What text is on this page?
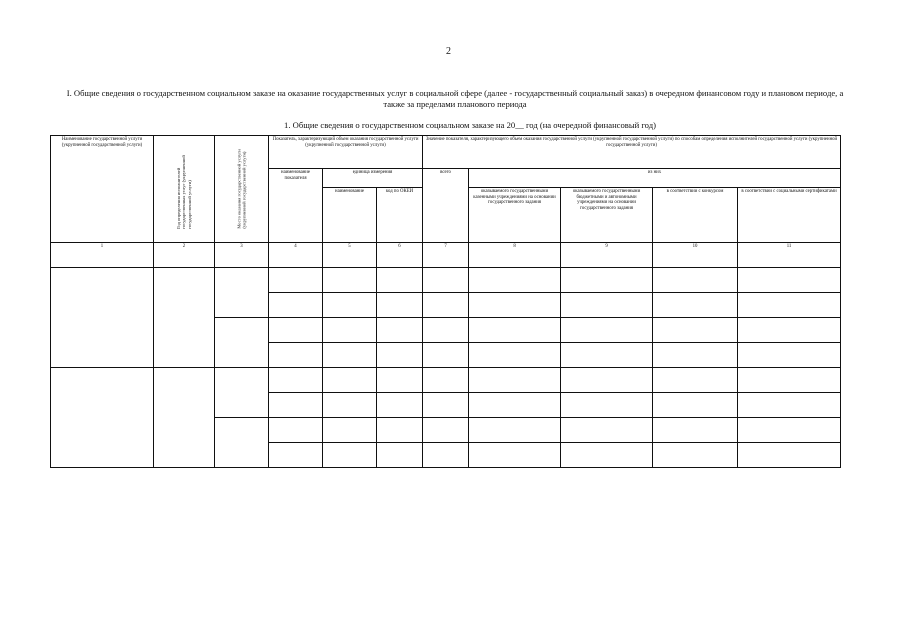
2
I. Общие сведения о государственном социальном заказе на оказание государственных услуг в социальной сфере (далее - государственный социальный заказ) в очередном финансовом году и плановом периоде, а также за пределами планового периода
1. Общие сведения о государственном социальном заказе на 20__ год (на очередной финансовый год)
Наименование государственной услуги (укрупненной государственной услуги)	Год определения исполнителей государственных услуг (укрупненной государственной услуги)	Место оказания государственной услуги (укрупненной государственной услуги)	Показатель, характеризующий объем оказания государственной услуги (укрупненной государственной услуги)			Значение показателя, характеризующего объем оказания государственной услуги (укрупненной государственной услуги) по способам определения исполнителей государственной услуги (укрупненной государственной услуги)				
			наименование показателя	единица измерения		всего	из них			
				наименование	код по ОКЕИ		оказываемого государственными казенными учреждениями на основании государственного задания	оказываемого государственными бюджетными и автономными учреждениями на основании государственного задания	в соответствии с конкурсом	в соответствии с социальными сертификатами
1	2	3	4	5	6	7	8	9	10	11
